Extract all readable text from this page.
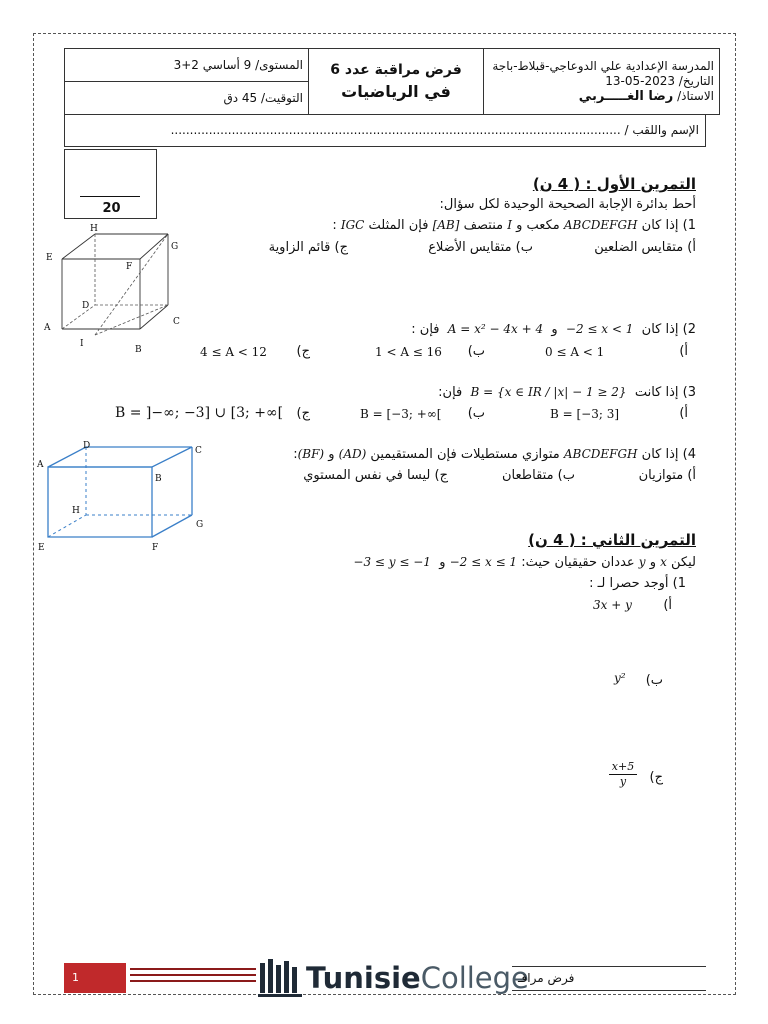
المستوى/ 9 أساسي 2+3	فرض مراقبة عدد 6
في الرياضيات

المدرسة الإعدادية علي الدوعاجي-قبلاط-باجة
التاريخ/ 2023-05-13
الاستاذ/ رضا الغـــــربي

التوقيت/ 45 دق
الإسم واللقب / ......................................................................................................................
20
التمرين الأول : ( 4 ن)
أحط بدائرة الإجابة الصحيحة الوحيدة لكل سؤال:
1) إذا كان ABCDEFGH مكعب و I منتصف [AB] فإن المثلث IGC :
أ) متقايس الضلعين
ب) متقايس الأضلاع
ج) قائم الزاوية
H
G
E
F
D
C
A
I
B
2) إذا كان  −2 ≤ x < 1  و  A = x² − 4x + 4  فإن :
أ)
0 ≤ A < 1
ب)
1 < A ≤ 16
ج)
4 ≤ A < 12
3) إذا كانت  B = {x ∈ IR / |x| − 1 ≥ 2}  فإن:
أ)
B = [−3; 3]
ب)
B = [−3; +∞[
ج)
B = ]−∞; −3] ∪ [3; +∞[
4) إذا كان ABCDEFGH متوازي مستطيلات فإن المستقيمين (AD) و (BF):
أ) متوازيان
ب) متقاطعان
ج) ليسا في نفس المستوي
D	C
A
B
H
G
E	F	التمرين الثاني : ( 4 ن)
ليكن x و y عددان حقيقيان حيث: −2 ≤ x ≤ 1 و  −3 ≤ y ≤ −1
1) أوجد حصرا لـ :
أ)
3x + y
ب)
y²
ج)
x+5
y
1	Tunisie College
فرض مراقـ
